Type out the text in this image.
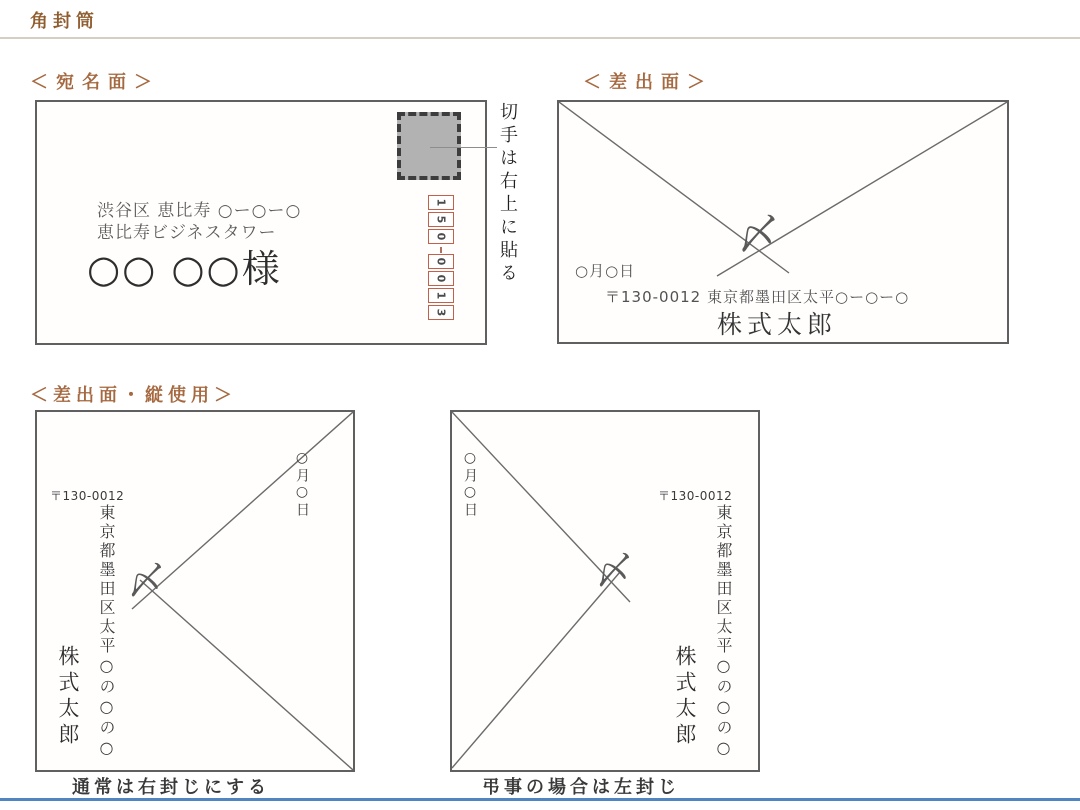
角封筒
＜宛名面＞
渋谷区 恵比寿 ○ー○ー○
恵比寿ビジネスタワー
○○ ○○様
1
5
0
0
0
1
3
切手は右上に貼る
＜差出面＞
〆
○月○日
〒130-0012 東京都墨田区太平○ー○ー○
株式太郎
＜差出面・縦使用＞
〆
〒130-0012
東京都墨田区太平○の○の○
株式太郎
○月○日
通常は右封じにする
〆
○月○日	〒130-0012
東京都墨田区太平○の○の○
株式太郎
弔事の場合は左封じ
